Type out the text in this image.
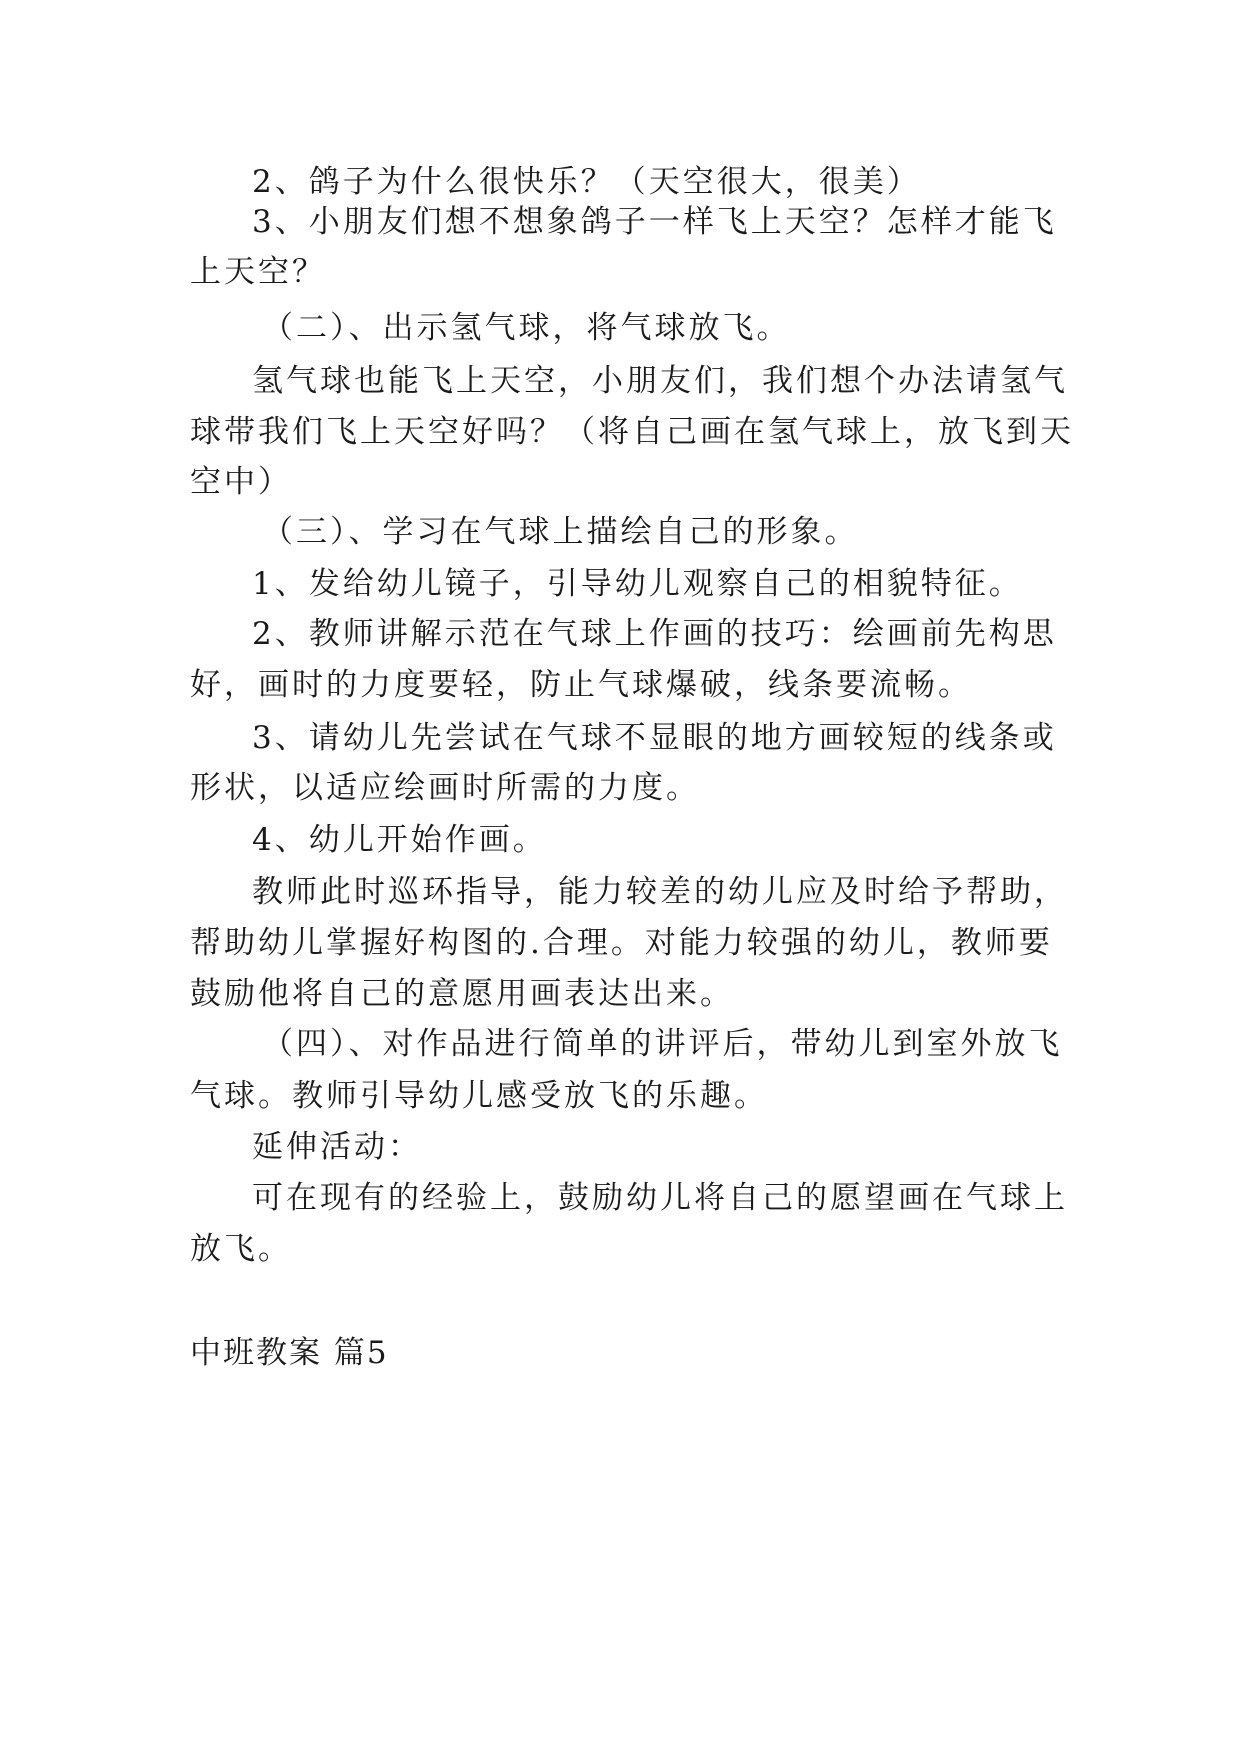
2、鸽子为什么很快乐？（天空很大，很美）
3、小朋友们想不想象鸽子一样飞上天空？怎样才能飞
上天空？
（二）、出示氢气球，将气球放飞。
氢气球也能飞上天空，小朋友们，我们想个办法请氢气
球带我们飞上天空好吗？（将自己画在氢气球上，放飞到天
空中）
（三）、学习在气球上描绘自己的形象。
1、发给幼儿镜子，引导幼儿观察自己的相貌特征。
2、教师讲解示范在气球上作画的技巧：绘画前先构思
好，画时的力度要轻，防止气球爆破，线条要流畅。
3、请幼儿先尝试在气球不显眼的地方画较短的线条或
形状，以适应绘画时所需的力度。
4、幼儿开始作画。
教师此时巡环指导，能力较差的幼儿应及时给予帮助，
帮助幼儿掌握好构图的.合理。对能力较强的幼儿，教师要
鼓励他将自己的意愿用画表达出来。
（四）、对作品进行简单的讲评后，带幼儿到室外放飞
气球。教师引导幼儿感受放飞的乐趣。
延伸活动：
可在现有的经验上，鼓励幼儿将自己的愿望画在气球上
放飞。
中班教案 篇5
